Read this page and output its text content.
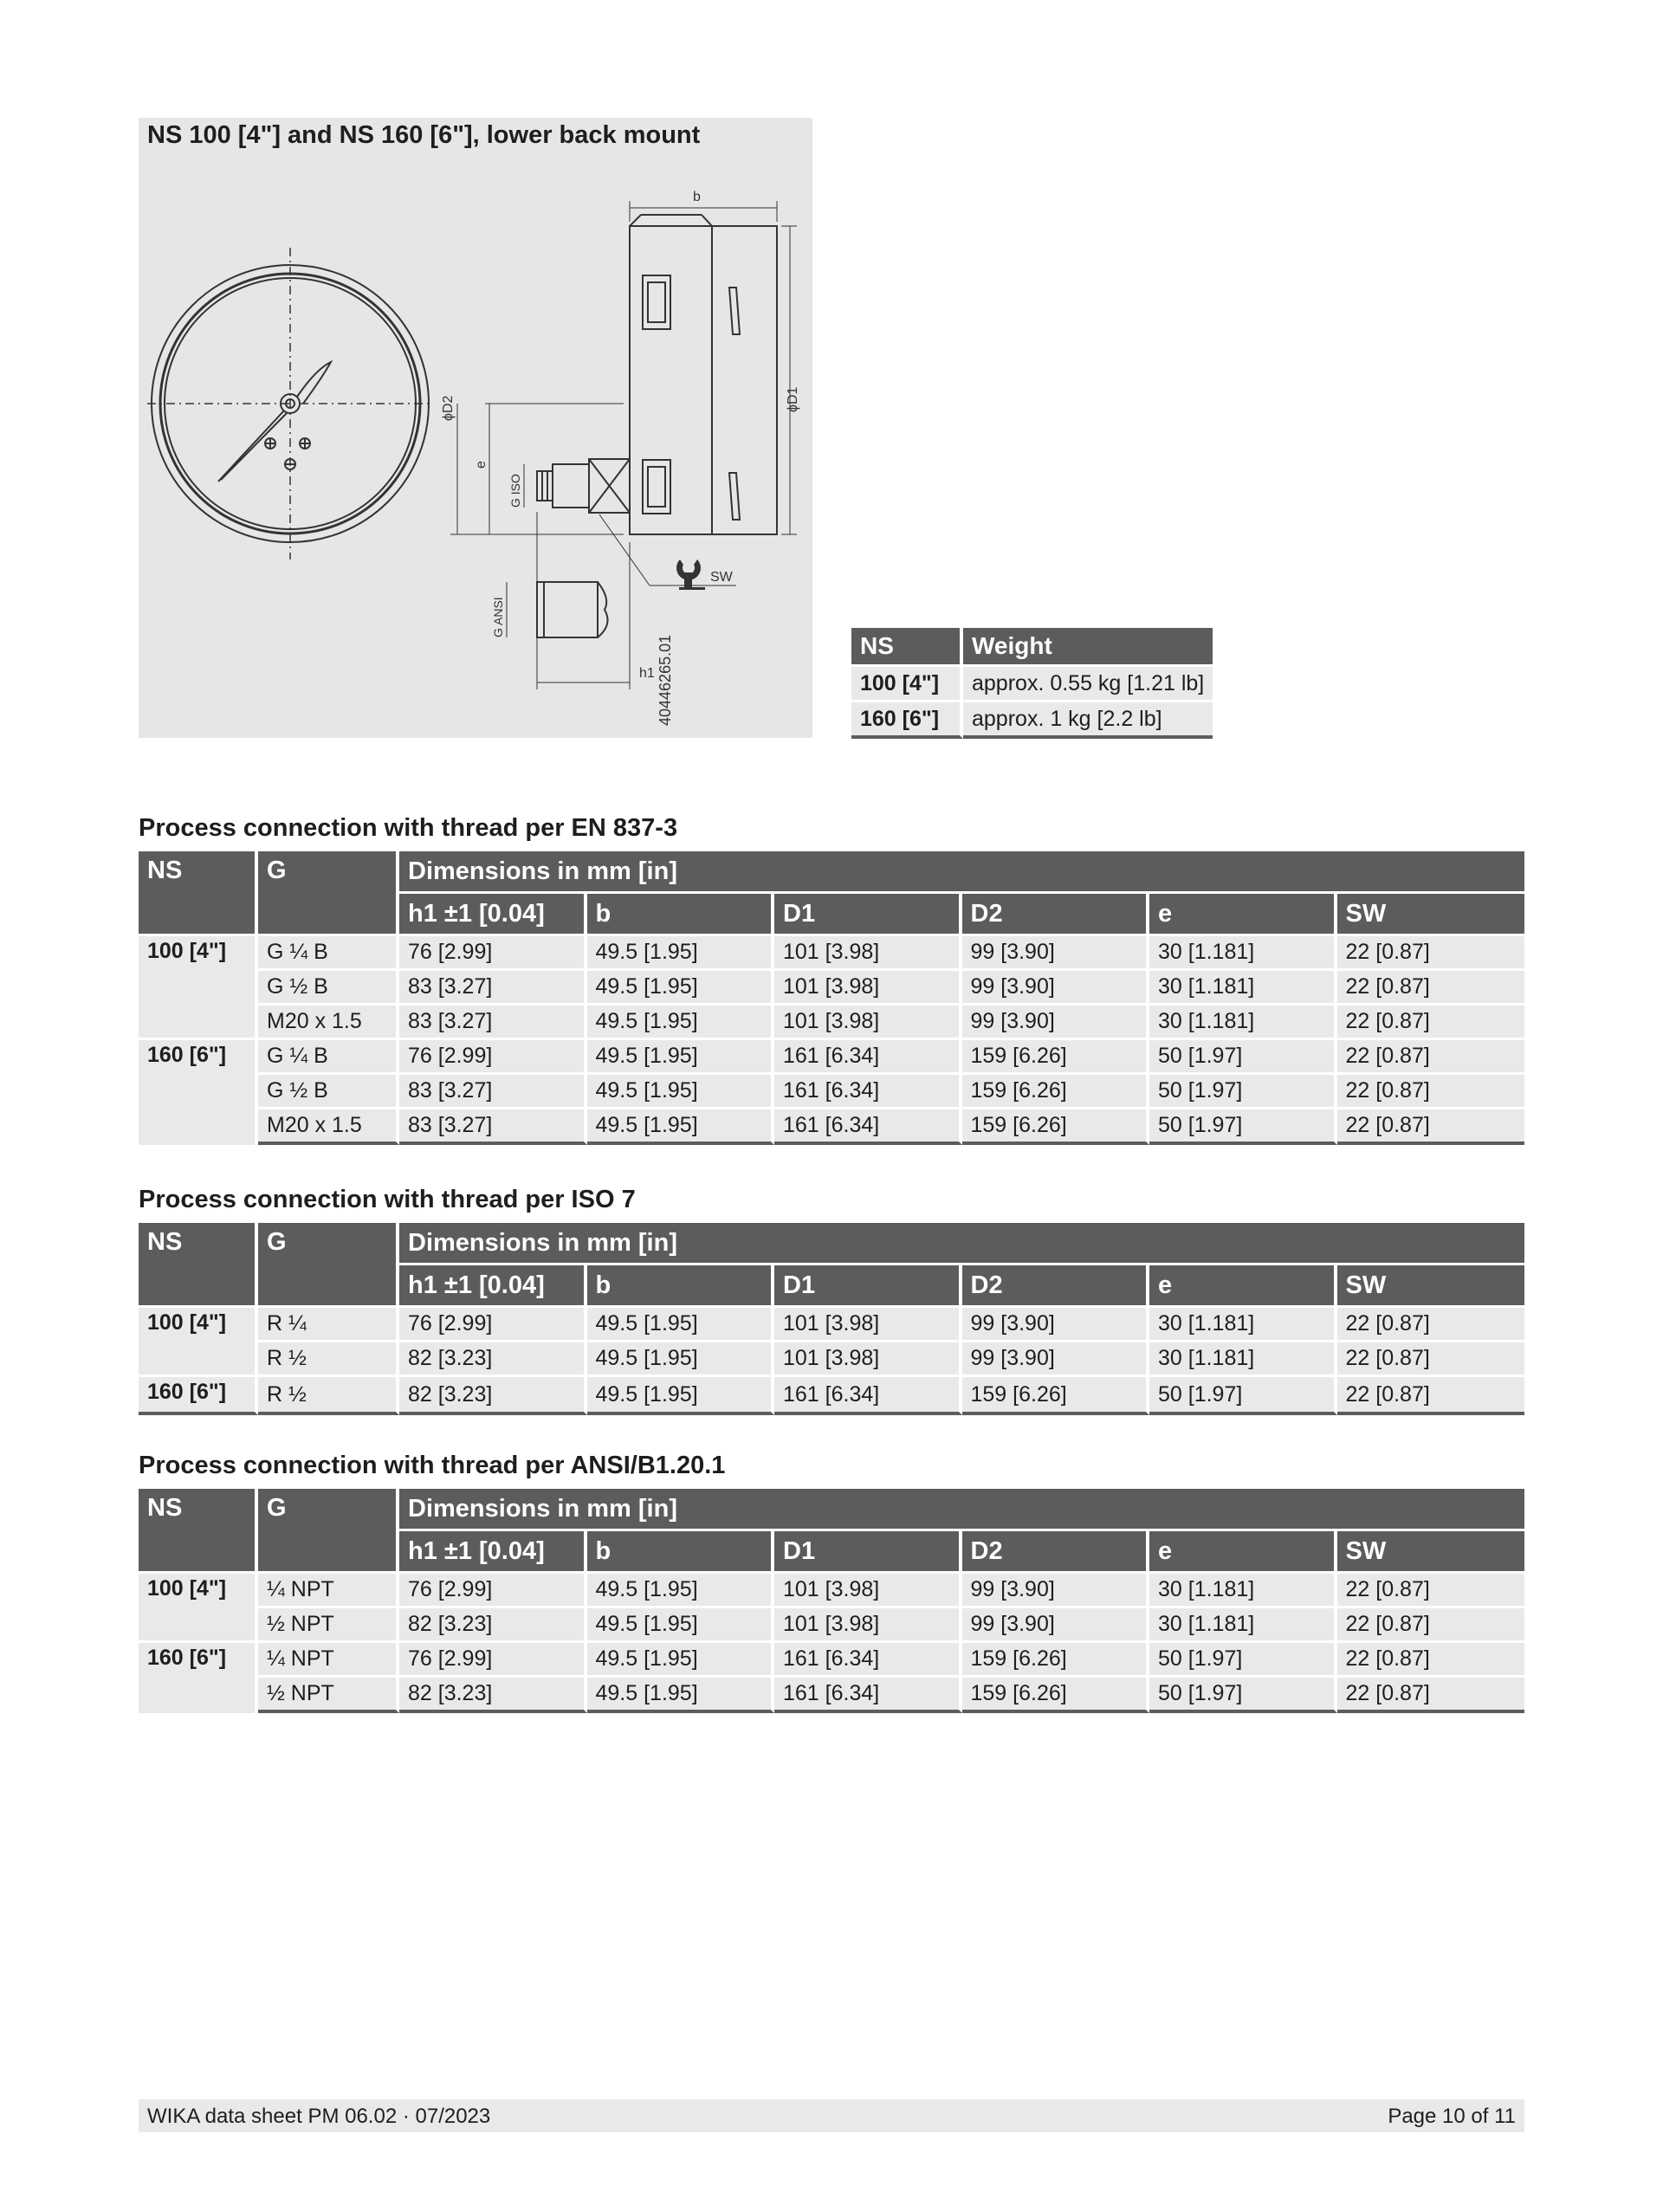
b
ϕD1
ϕD2
e
G ISO
G ANSI
SW
h1
NS 100 [4"] and NS 160 [6"], lower back mount
40446265.01	NS	Weight
100 [4"]	approx. 0.55 kg [1.21 lb]
160 [6"]	approx. 1 kg [2.2 lb]
Process connection with thread per EN 837-3
NS	G	Dimensions in mm [in]					
		h1 ±1 [0.04]	b	D1	D2	e	SW
100 [4"]	G ¼ B	76 [2.99]	49.5 [1.95]	101 [3.98]	99 [3.90]	30 [1.181]	22 [0.87]
	G ½ B	83 [3.27]	49.5 [1.95]	101 [3.98]	99 [3.90]	30 [1.181]	22 [0.87]
	M20 x 1.5	83 [3.27]	49.5 [1.95]	101 [3.98]	99 [3.90]	30 [1.181]	22 [0.87]
160 [6"]	G ¼ B	76 [2.99]	49.5 [1.95]	161 [6.34]	159 [6.26]	50 [1.97]	22 [0.87]
	G ½ B	83 [3.27]	49.5 [1.95]	161 [6.34]	159 [6.26]	50 [1.97]	22 [0.87]
	M20 x 1.5	83 [3.27]	49.5 [1.95]	161 [6.34]	159 [6.26]	50 [1.97]	22 [0.87]
Process connection with thread per ISO 7
NS	G	Dimensions in mm [in]					
		h1 ±1 [0.04]	b	D1	D2	e	SW
100 [4"]	R ¼	76 [2.99]	49.5 [1.95]	101 [3.98]	99 [3.90]	30 [1.181]	22 [0.87]
	R ½	82 [3.23]	49.5 [1.95]	101 [3.98]	99 [3.90]	30 [1.181]	22 [0.87]
160 [6"]	R ½	82 [3.23]	49.5 [1.95]	161 [6.34]	159 [6.26]	50 [1.97]	22 [0.87]
Process connection with thread per ANSI/B1.20.1
NS	G	Dimensions in mm [in]					
		h1 ±1 [0.04]	b	D1	D2	e	SW
100 [4"]	¼ NPT	76 [2.99]	49.5 [1.95]	101 [3.98]	99 [3.90]	30 [1.181]	22 [0.87]
	½ NPT	82 [3.23]	49.5 [1.95]	101 [3.98]	99 [3.90]	30 [1.181]	22 [0.87]
160 [6"]	¼ NPT	76 [2.99]	49.5 [1.95]	161 [6.34]	159 [6.26]	50 [1.97]	22 [0.87]
	½ NPT	82 [3.23]	49.5 [1.95]	161 [6.34]	159 [6.26]	50 [1.97]	22 [0.87]
WIKA data sheet PM 06.02 · 07/2023	Page 10 of 11
